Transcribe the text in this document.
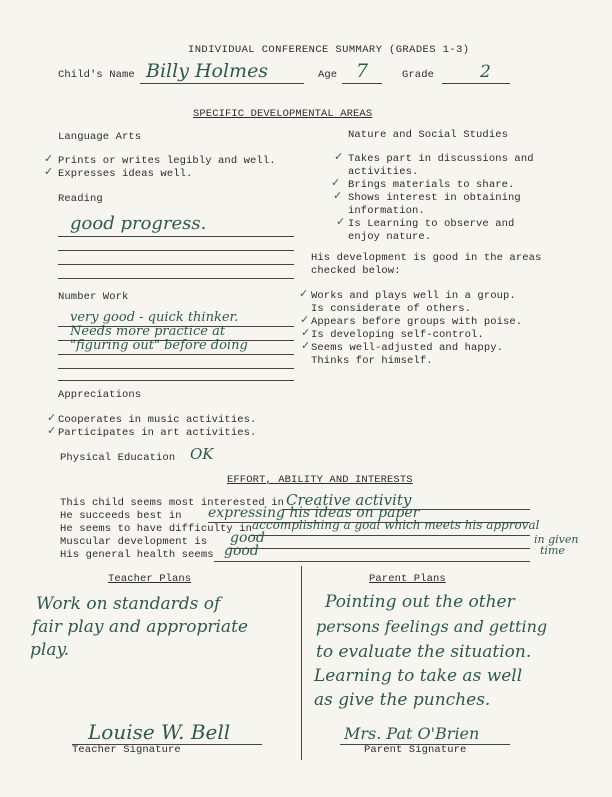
INDIVIDUAL CONFERENCE SUMMARY (GRADES 1-3)
Child's Name Billy Holmes	Age 7	Grade	2
SPECIFIC DEVELOPMENTAL AREAS
Language Arts
✓ Prints or writes legibly and well.
✓ Expresses ideas well.
Reading
good progress.
Number Work
very good - quick thinker.
Needs more practice at
"figuring out" before doing
Appreciations
✓ Cooperates in music activities.
✓ Participates in art activities.
Physical Education OK
Nature and Social Studies
✓ Takes part in discussions and
activities.
✓ Brings materials to share.
✓ Shows interest in obtaining
information.
✓ Is Learning to observe and
enjoy nature.
His development is good in the areas
checked below:
✓ Works and plays well in a group.
Is considerate of others.
✓ Appears before groups with poise.
✓ Is developing self-control.
✓ Seems well-adjusted and happy.
Thinks for himself.
EFFORT, ABILITY AND INTERESTS
This child seems most interested in Creative activity
He succeeds best in expressing his ideas on paper
He seems to have difficulty in accomplishing a goal which meets his approval
in given
time
Muscular development is good
His general health seems good
Teacher Plans
Work on standards of
fair play and appropriate
play.
Parent Plans
Pointing out the other
persons feelings and getting
to evaluate the situation.
Learning to take as well
as give the punches.
Louise W. Bell
Teacher Signature
Mrs. Pat O'Brien
Parent Signature
